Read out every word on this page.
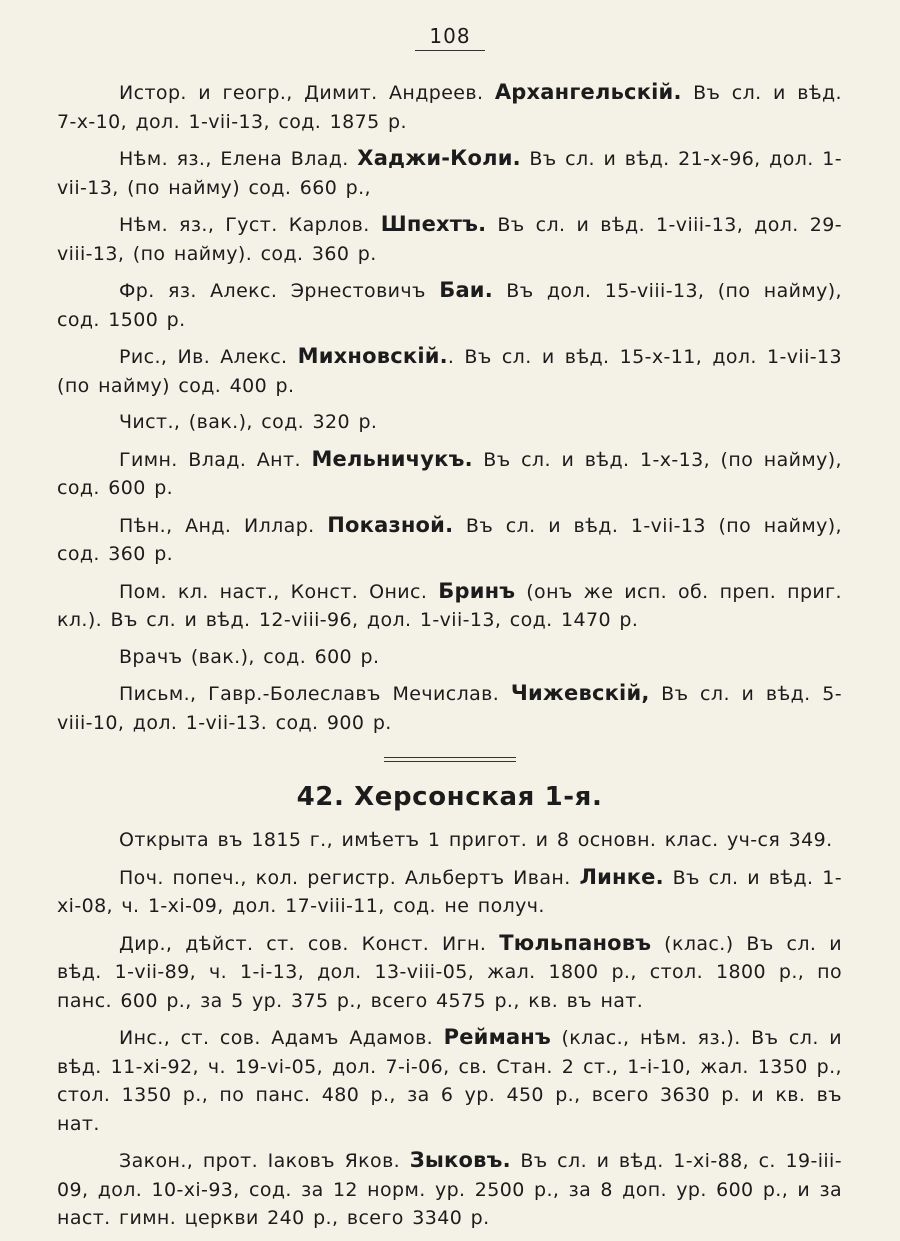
108

Истор. и геогр., Димит. Андреев. Архангельскій. Въ сл. и вѣд. 7-x-10, дол. 1-vii-13, сод. 1875 р.

Нѣм. яз., Елена Влад. Хаджи-Коли. Въ сл. и вѣд. 21-x-96, дол. 1-vii-13, (по найму) сод. 660 р.,

Нѣм. яз., Густ. Карлов. Шпехтъ. Въ сл. и вѣд. 1-viii-13, дол. 29-viii-13, (по найму). сод. 360 р.

Фр. яз. Алекс. Эрнестовичъ Баи. Въ дол. 15-viii-13, (по найму), сод. 1500 р.

Рис., Ив. Алекс. Михновскій.. Въ сл. и вѣд. 15-x-11, дол. 1-vii-13 (по найму) сод. 400 р.

Чист., (вак.), сод. 320 р.

Гимн. Влад. Ант. Мельничукъ. Въ сл. и вѣд. 1-x-13, (по найму), сод. 600 р.

Пѣн., Анд. Иллар. Показной. Въ сл. и вѣд. 1-vii-13 (по найму), сод. 360 р.

Пом. кл. наст., Конст. Онис. Бринъ (онъ же исп. об. преп. приг. кл.). Въ сл. и вѣд. 12-viii-96, дол. 1-vii-13, сод. 1470 р.

Врачъ (вак.), сод. 600 р.

Письм., Гавр.-Болеславъ Мечислав. Чижевскій, Въ сл. и вѣд. 5-viii-10, дол. 1-vii-13. сод. 900 р.

42. Херсонская 1-я.

Открыта въ 1815 г., имѣетъ 1 пригот. и 8 основн. клас. уч-ся 349.

Поч. попеч., кол. регистр. Альбертъ Иван. Линке. Въ сл. и вѣд. 1-xi-08, ч. 1-xi-09, дол. 17-viii-11, сод. не получ.

Дир., дѣйст. ст. сов. Конст. Игн. Тюльпановъ (клас.) Въ сл. и вѣд. 1-vii-89, ч. 1-i-13, дол. 13-viii-05, жал. 1800 р., стол. 1800 р., по панс. 600 р., за 5 ур. 375 р., всего 4575 р., кв. въ нат.

Инс., ст. сов. Адамъ Адамов. Рейманъ (клас., нѣм. яз.). Въ сл. и вѣд. 11-xi-92, ч. 19-vi-05, дол. 7-i-06, св. Стан. 2 ст., 1-i-10, жал. 1350 р., стол. 1350 р., по панс. 480 р., за 6 ур. 450 р., всего 3630 р. и кв. въ нат.

Закон., прот. Іаковъ Яков. Зыковъ. Въ сл. и вѣд. 1-xi-88, с. 19-iii-09, дол. 10-xi-93, сод. за 12 норм. ур. 2500 р., за 8 доп. ур. 600 р., и за наст. гимн. церкви 240 р., всего 3340 р.
